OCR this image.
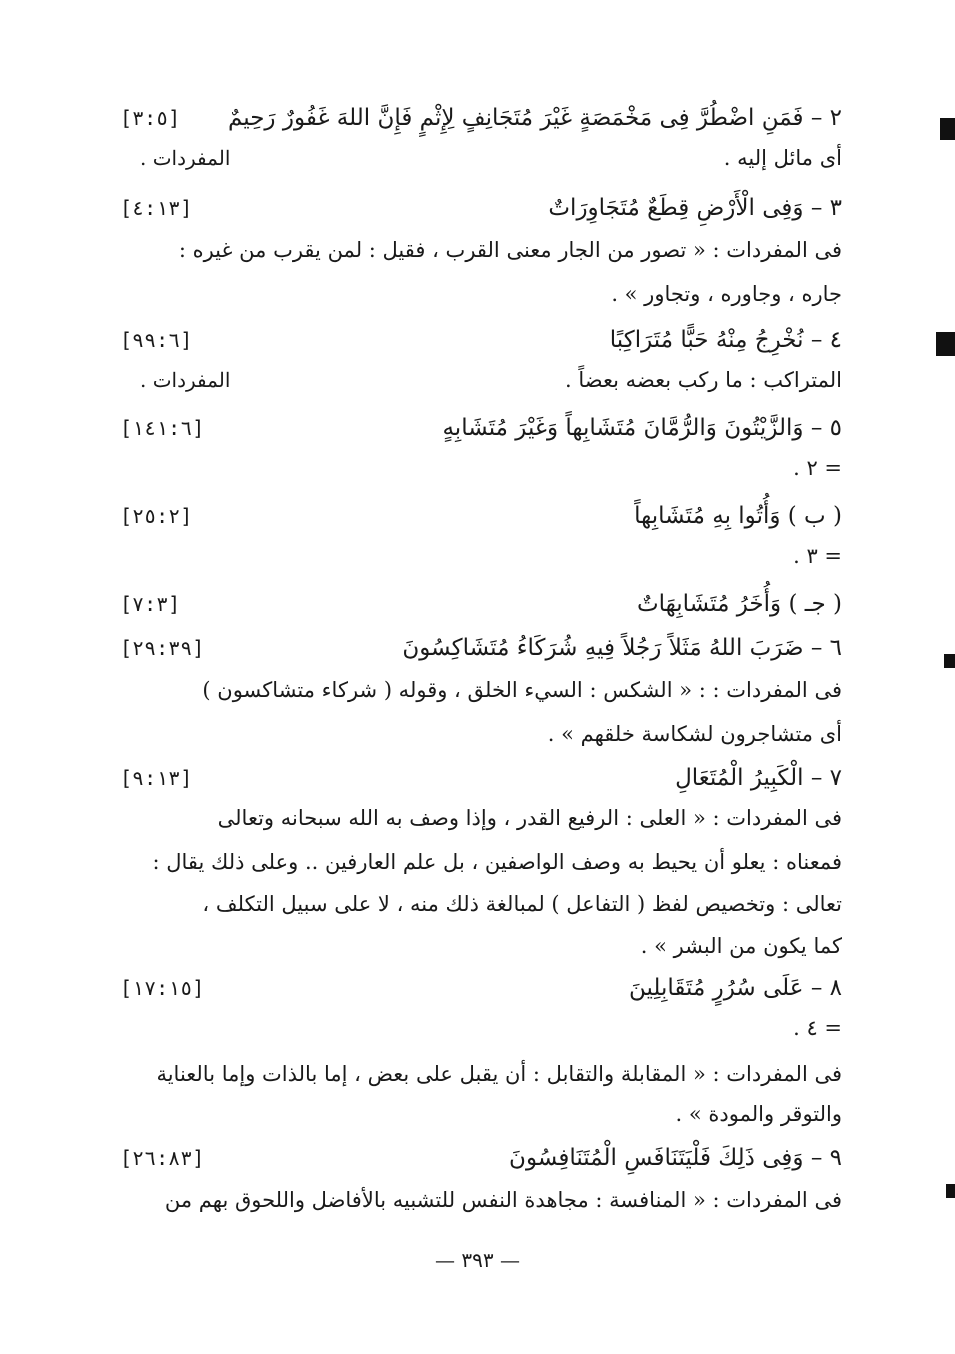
٢ – فَمَنِ اضْطُرَّ فِى مَخْمَصَةٍ غَيْرَ مُتَجَانِفٍ لِإِثْمٍ فَإِنَّ اللهَ غَفُورٌ رَحِيمٌ
[٣:٥]
أى مائل إليه .
المفردات .
٣ – وَفِى الْأَرْضِ قِطَعٌ مُتَجَاوِرَاتٌ
[٤:١٣]
فى المفردات : « تصور من الجار معنى القرب ، فقيل : لمن يقرب من غيره :
جاره ، وجاوره ، وتجاور » .
٤ – نُخْرِجُ مِنْهُ حَبًّا مُتَرَاكِبًا
[٩٩:٦]
المتراكب : ما ركب بعضه بعضاً .
المفردات .
٥ – وَالزَّيْتُونَ وَالرُّمَّانَ مُتَشَابِهاً وَغَيْرَ مُتَشَابِهٍ
[١٤١:٦]
= ٢ .
( ب ) وَأُتُوا بِهِ مُتَشَابِهاً
[٢٥:٢]
= ٣ .
( جـ ) وَأُخَرُ مُتَشَابِهَاتٌ
[٧:٣]
٦ – ضَرَبَ اللهُ مَثَلاً رَجُلاً فِيهِ شُرَكَاءُ مُتَشَاكِسُونَ
[٢٩:٣٩]
فى المفردات : : « الشكس : السيء الخلق ، وقوله ( شركاء متشاكسون )
أى متشاجرون لشكاسة خلقهم » .
٧ – الْكَبِيرُ الْمُتَعَالِ
[٩:١٣]
فى المفردات : « العلى : الرفيع القدر ، وإذا وصف به الله سبحانه وتعالى
فمعناه : يعلو أن يحيط به وصف الواصفين ، بل علم العارفين .. وعلى ذلك يقال :
تعالى : وتخصيص لفظ ( التفاعل ) لمبالغة ذلك منه ، لا على سبيل التكلف ،
كما يكون من البشر » .
٨ – عَلَى سُرُرٍ مُتَقَابِلِينَ
[١٧:١٥]
= ٤ .
فى المفردات : « المقابلة والتقابل : أن يقبل على بعض ، إما بالذات وإما بالعناية
والتوقر والمودة » .
٩ – وَفِى ذَلِكَ فَلْيَتَنَافَسِ الْمُتَنَافِسُونَ
[٢٦:٨٣]
فى المفردات : « المنافسة : مجاهدة النفس للتشبيه بالأفاضل واللحوق بهم من
— ٣٩٣ —
